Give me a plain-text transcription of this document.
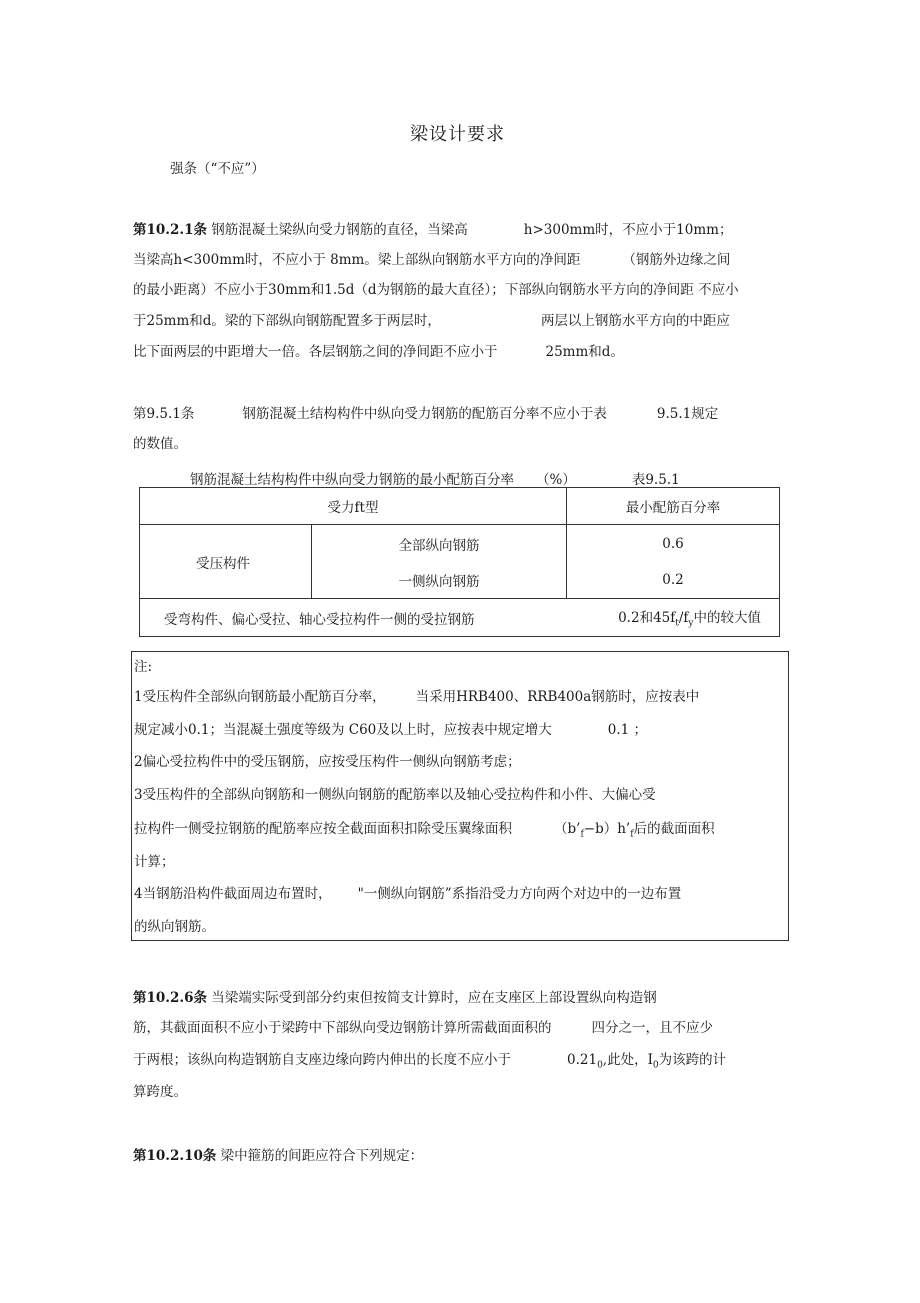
梁设计要求
强条（“不应”）
第10.2.1条 钢筋混凝土梁纵向受力钢筋的直径，当梁高	h>300mm时，不应小于10mm；
当梁高h<300mm时，不应小于 8mm。梁上部纵向钢筋水平方向的净间距	（钢筋外边缘之间
的最小距离）不应小于30mm和1.5d（d为钢筋的最大直径）；下部纵向钢筋水平方向的净间距 不应小
于25mm和d。梁的下部纵向钢筋配置多于两层时，	两层以上钢筋水平方向的中距应
比下面两层的中距增大一倍。各层钢筋之间的净间距不应小于	25mm和d。
第9.5.1条	钢筋混凝土结构构件中纵向受力钢筋的配筋百分率不应小于表	9.5.1规定
的数值。
钢筋混凝土结构构件中纵向受力钢筋的最小配筋百分率 （%）	表9.5.1
受力ft型		最小配筋百分率
受压构件	全部纵向钢筋	0.6
	一侧纵向钢筋	0.2
受弯构件、偏心受拉、轴心受拉构件一侧的受拉钢筋		0.2和$45f_t/f_y$中的较大值
注:
1受压构件全部纵向钢筋最小配筋百分率， 当采用HRB400、RRB400a钢筋时，应按表中
规定减小0.1；当混凝土强度等级为 C60及以上时，应按表中规定增大	0.1 ；
2偏心受拉构件中的受压钢筋，应按受压构件一侧纵向钢筋考虑；
3受压构件的全部纵向钢筋和一侧纵向钢筋的配筋率以及轴心受拉构件和小件、大偏心受
拉构件一侧受拉钢筋的配筋率应按全截面面积扣除受压翼缘面积	$(b’_f-b)h’_f$后的截面面积
计算；
4当钢筋沿构件截面周边布置时， "一侧纵向钢筋”系指沿受力方向两个对边中的一边布置
的纵向钢筋。
第10.2.6条 当梁端实际受到部分约束但按简支计算时，应在支座区上部设置纵向构造钢
筋，其截面面积不应小于梁跨中下部纵向受边钢筋计算所需截面面积的	四分之一，且不应少
于两根；该纵向构造钢筋自支座边缘向跨内伸出的长度不应小于	$0.21_0$,此处，$I_0$为该跨的计
算跨度。
第10.2.10条 梁中箍筋的间距应符合下列规定：
